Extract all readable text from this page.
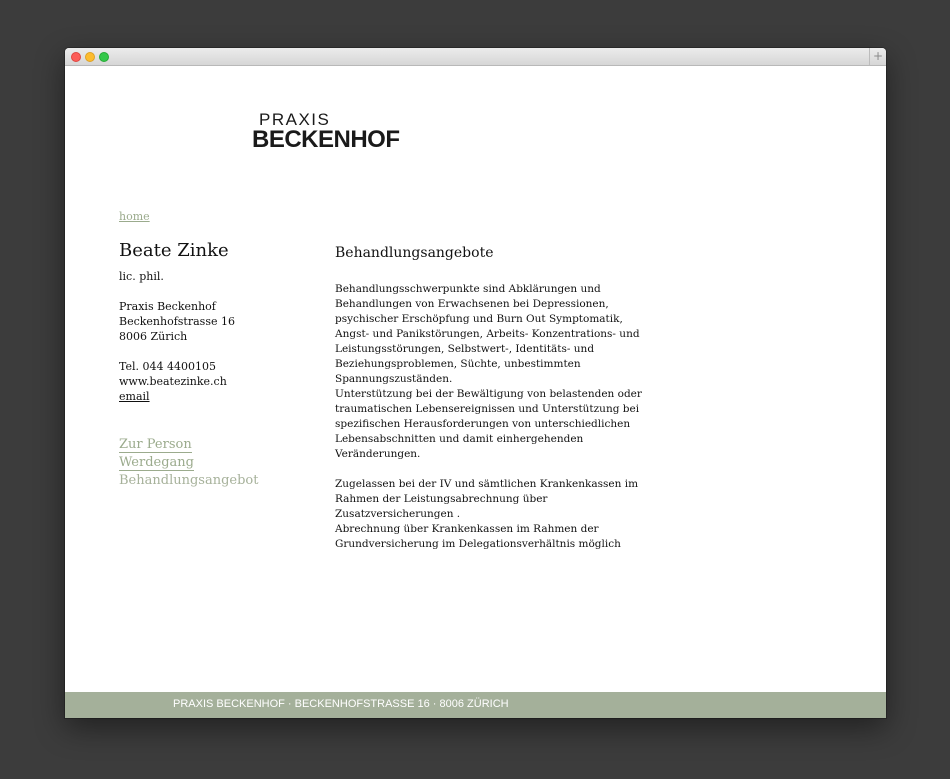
+
PRAXIS
BECKENHOF
home
Beate Zinke
lic. phil.
Praxis Beckenhof
Beckenhofstrasse 16
8006 Zürich
Tel. 044 4400105
www.beatezinke.ch
email
Zur Person
Werdegang
Behandlungsangebot
Behandlungsangebote
Behandlungsschwerpunkte sind Abklärungen und
Behandlungen von Erwachsenen bei Depressionen,
psychischer Erschöpfung und Burn Out Symptomatik,
Angst- und Panikstörungen, Arbeits- Konzentrations- und
Leistungsstörungen, Selbstwert-, Identitäts- und
Beziehungsproblemen, Süchte, unbestimmten
Spannungszuständen.
Unterstützung bei der Bewältigung von belastenden oder
traumatischen Lebensereignissen und Unterstützung bei
spezifischen Herausforderungen von unterschiedlichen
Lebensabschnitten und damit einhergehenden
Veränderungen.
Zugelassen bei der IV und sämtlichen Krankenkassen im
Rahmen der Leistungsabrechnung über
Zusatzversicherungen .
Abrechnung über Krankenkassen im Rahmen der
Grundversicherung im Delegationsverhältnis möglich
PRAXIS BECKENHOF · BECKENHOFSTRASSE 16 · 8006 ZÜRICH
